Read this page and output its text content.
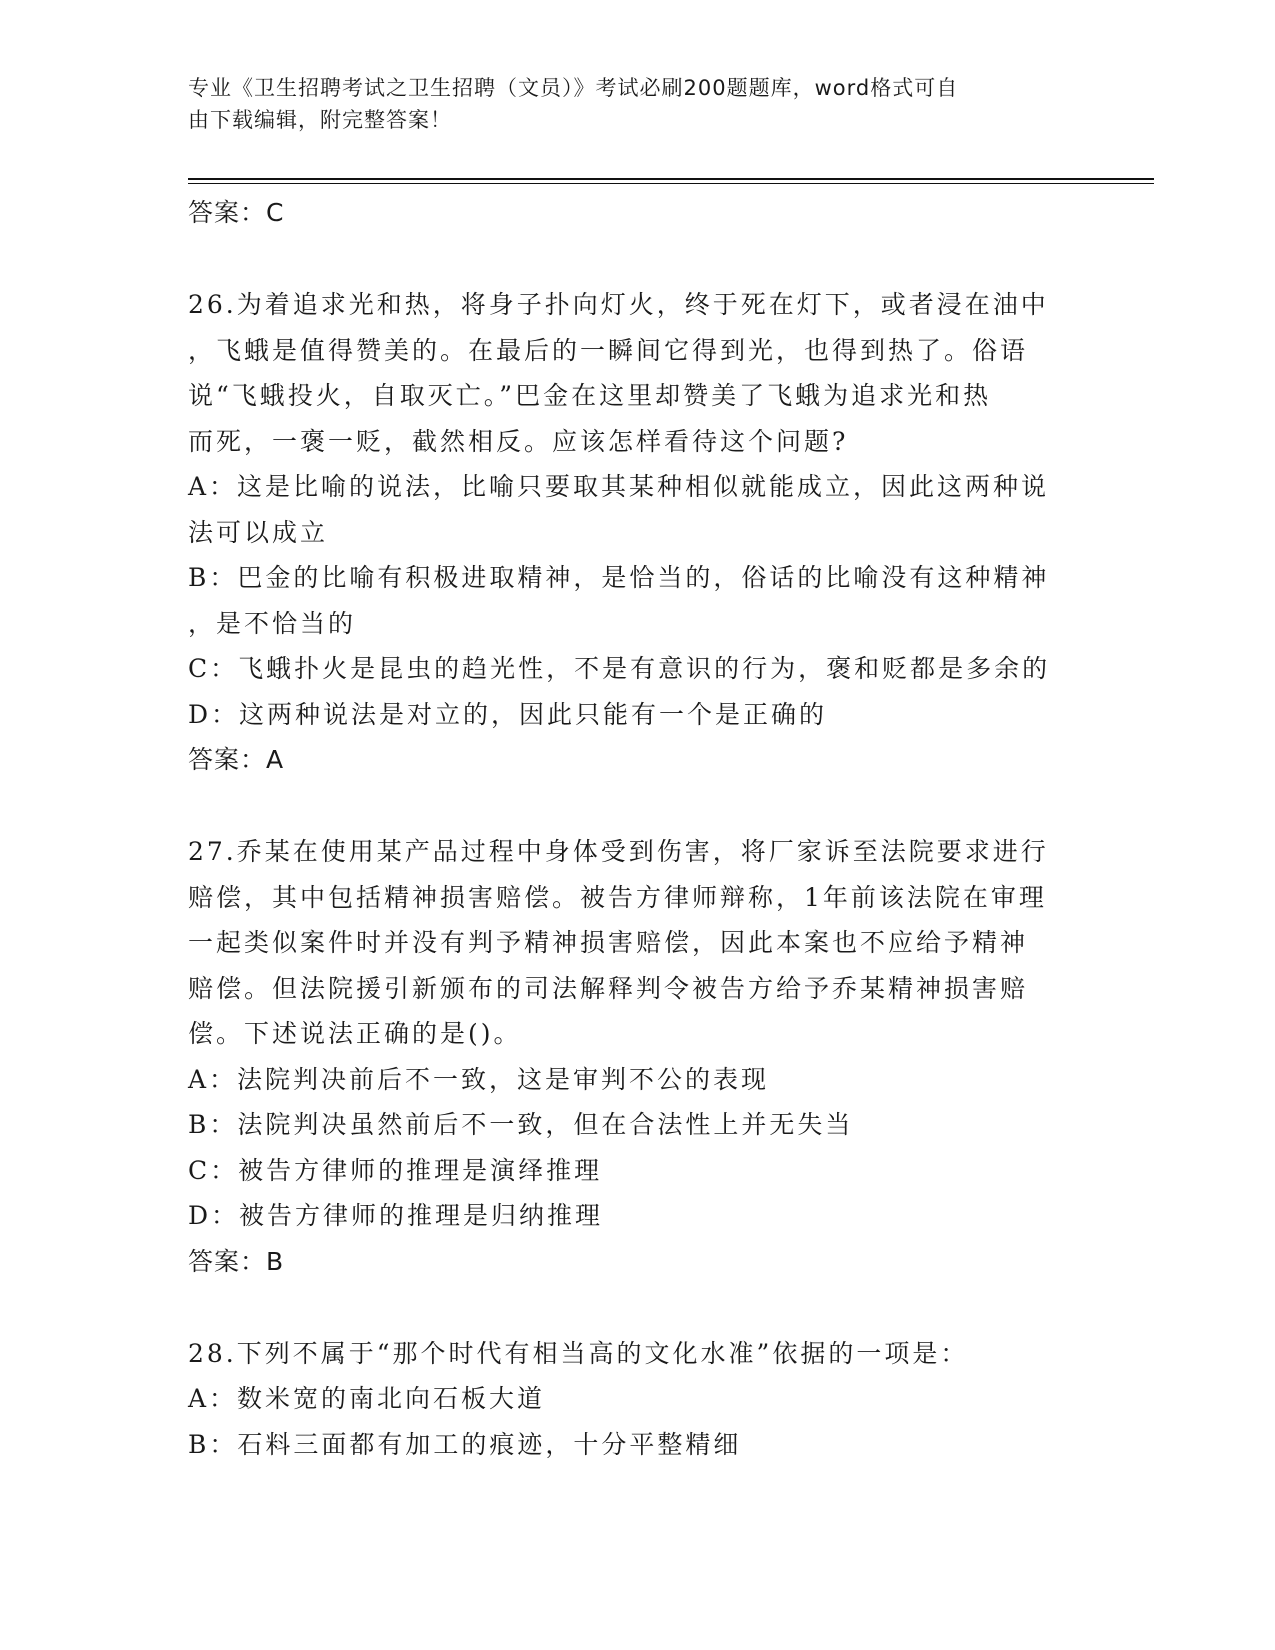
专业《卫生招聘考试之卫生招聘（文员）》考试必刷200题题库，word格式可自
由下载编辑，附完整答案！
答案：C
26.为着追求光和热，将身子扑向灯火，终于死在灯下，或者浸在油中
，飞蛾是值得赞美的。在最后的一瞬间它得到光，也得到热了。俗语
说“飞蛾投火，自取灭亡。”巴金在这里却赞美了飞蛾为追求光和热
而死，一褒一贬，截然相反。应该怎样看待这个问题?
A：这是比喻的说法，比喻只要取其某种相似就能成立，因此这两种说
法可以成立
B：巴金的比喻有积极进取精神，是恰当的，俗话的比喻没有这种精神
，是不恰当的
C：飞蛾扑火是昆虫的趋光性，不是有意识的行为，褒和贬都是多余的
D：这两种说法是对立的，因此只能有一个是正确的
答案：A
27.乔某在使用某产品过程中身体受到伤害，将厂家诉至法院要求进行
赔偿，其中包括精神损害赔偿。被告方律师辩称，1年前该法院在审理
一起类似案件时并没有判予精神损害赔偿，因此本案也不应给予精神
赔偿。但法院援引新颁布的司法解释判令被告方给予乔某精神损害赔
偿。下述说法正确的是()。
A：法院判决前后不一致，这是审判不公的表现
B：法院判决虽然前后不一致，但在合法性上并无失当
C：被告方律师的推理是演绎推理
D：被告方律师的推理是归纳推理
答案：B
28.下列不属于“那个时代有相当高的文化水准”依据的一项是：
A：数米宽的南北向石板大道
B：石料三面都有加工的痕迹，十分平整精细
